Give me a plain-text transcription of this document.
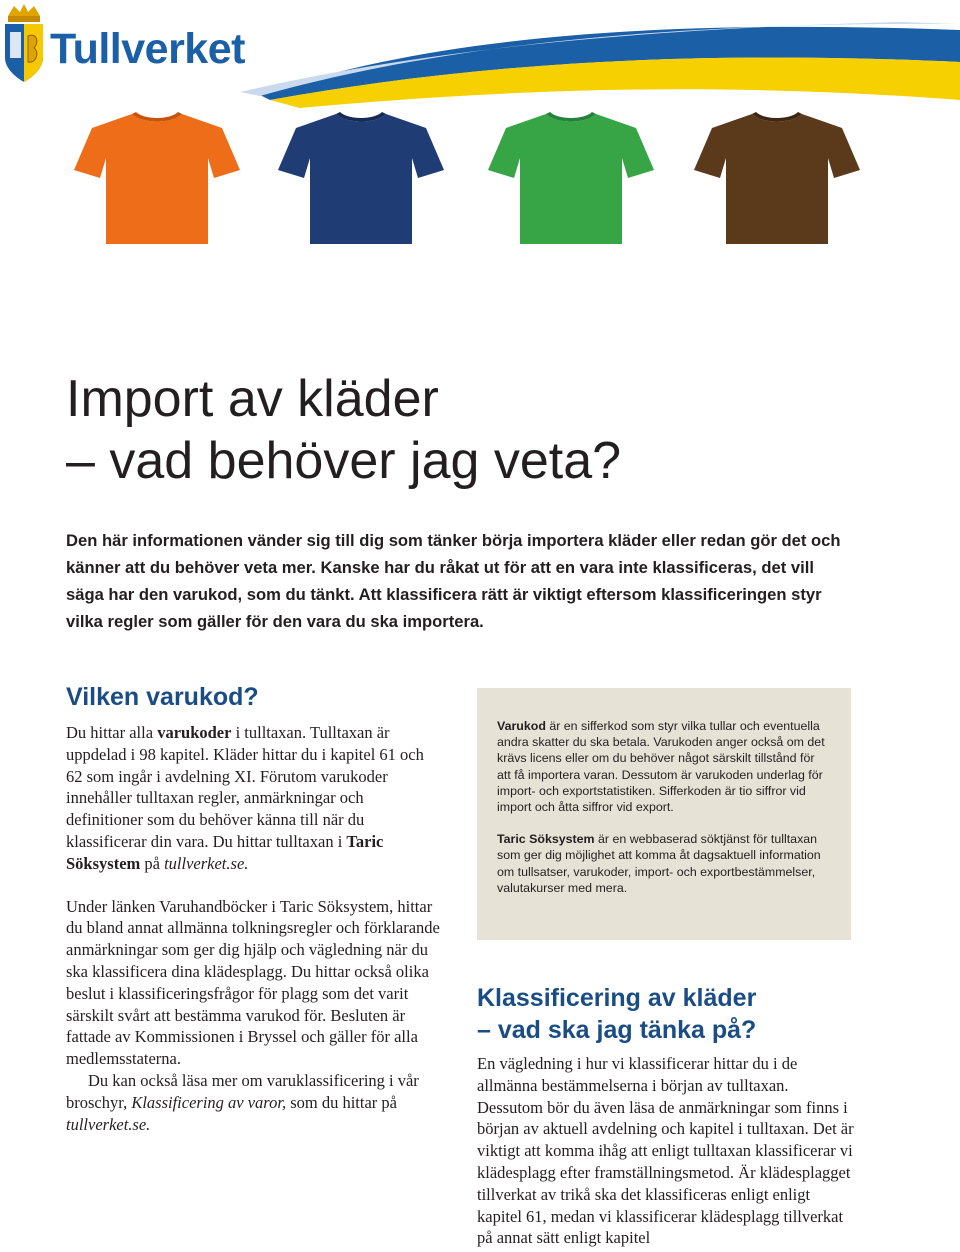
Tullverket
Import av kläder
– vad behöver jag veta?

Den här informationen vänder sig till dig som tänker börja importera kläder eller redan gör det och känner att du behöver veta mer. Kanske har du råkat ut för att en vara inte klassificeras, det vill säga har den varukod, som du tänkt. Att klassificera rätt är viktigt eftersom klassificeringen styr vilka regler som gäller för den vara du ska importera.

Vilken varukod?

Du hittar alla varukoder i tulltaxan. Tulltaxan är uppdelad i 98 kapitel. Kläder hittar du i kapitel 61 och 62 som ingår i avdelning XI. Förutom varukoder innehåller tulltaxan regler, anmärkningar och definitioner som du behöver känna till när du klassificerar din vara. Du hittar tulltaxan i Taric Söksystem på tullverket.se.

Under länken Varuhandböcker i Taric Söksystem, hittar du bland annat allmänna tolkningsregler och förklarande anmärkningar som ger dig hjälp och vägledning när du ska klassificera dina klädesplagg. Du hittar också olika beslut i klassificeringsfrågor för plagg som det varit särskilt svårt att bestämma varukod för. Besluten är fattade av Kommissionen i Bryssel och gäller för alla medlemsstaterna.

Du kan också läsa mer om varuklassificering i vår broschyr, Klassificering av varor, som du hittar på tullverket.se.

Varukod är en sifferkod som styr vilka tullar och eventuella andra skatter du ska betala. Varukoden anger också om det krävs licens eller om du behöver något särskilt tillstånd för att få importera varan. Dessutom är varukoden underlag för import- och exportstatistiken. Sifferkoden är tio siffror vid import och åtta siffror vid export.

Taric Söksystem är en webbaserad söktjänst för tulltaxan som ger dig möjlighet att komma åt dagsaktuell information om tullsatser, varukoder, import- och exportbestämmelser, valutakurser med mera.

Klassificering av kläder
– vad ska jag tänka på?

En vägledning i hur vi klassificerar hittar du i de allmänna bestämmelserna i början av tulltaxan. Dessutom bör du även läsa de anmärkningar som finns i början av aktuell avdelning och kapitel i tulltaxan. Det är viktigt att komma ihåg att enligt tulltaxan klassificerar vi klädesplagg efter framställningsmetod. Är klädesplagget tillverkat av trikå ska det klassificeras enligt enligt kapitel 61, medan vi klassificerar klädesplagg tillverkat på annat sätt enligt kapitel
